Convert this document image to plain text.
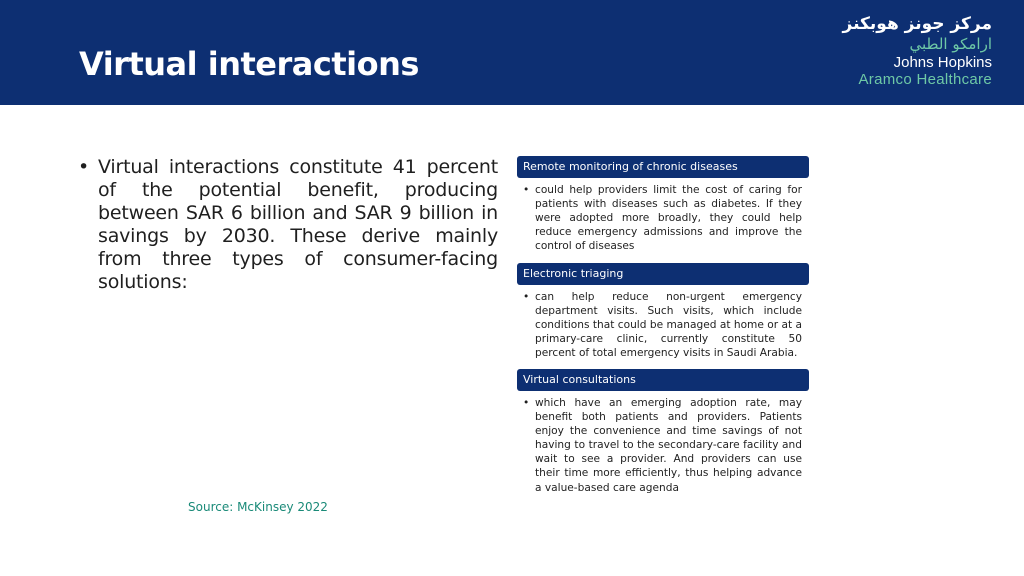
Virtual interactions
مركز جونز هوبكنز
ارامكو الطبي
Johns Hopkins
Aramco Healthcare
• Virtual interactions constitute 41 percent of the potential benefit, producing between SAR 6 billion and SAR 9 billion in savings by 2030. These derive mainly from three types of consumer-facing solutions:
Remote monitoring of chronic diseases
• could help providers limit the cost of caring for patients with diseases such as diabetes. If they were adopted more broadly, they could help reduce emergency admissions and improve the control of diseases
Electronic triaging
• can help reduce non-urgent emergency department visits. Such visits, which include conditions that could be managed at home or at a primary-care clinic, currently constitute 50 percent of total emergency visits in Saudi Arabia.
Virtual consultations
• which have an emerging adoption rate, may benefit both patients and providers. Patients enjoy the convenience and time savings of not having to travel to the secondary-care facility and wait to see a provider. And providers can use their time more efficiently, thus helping advance a value-based care agenda
Source: McKinsey 2022
